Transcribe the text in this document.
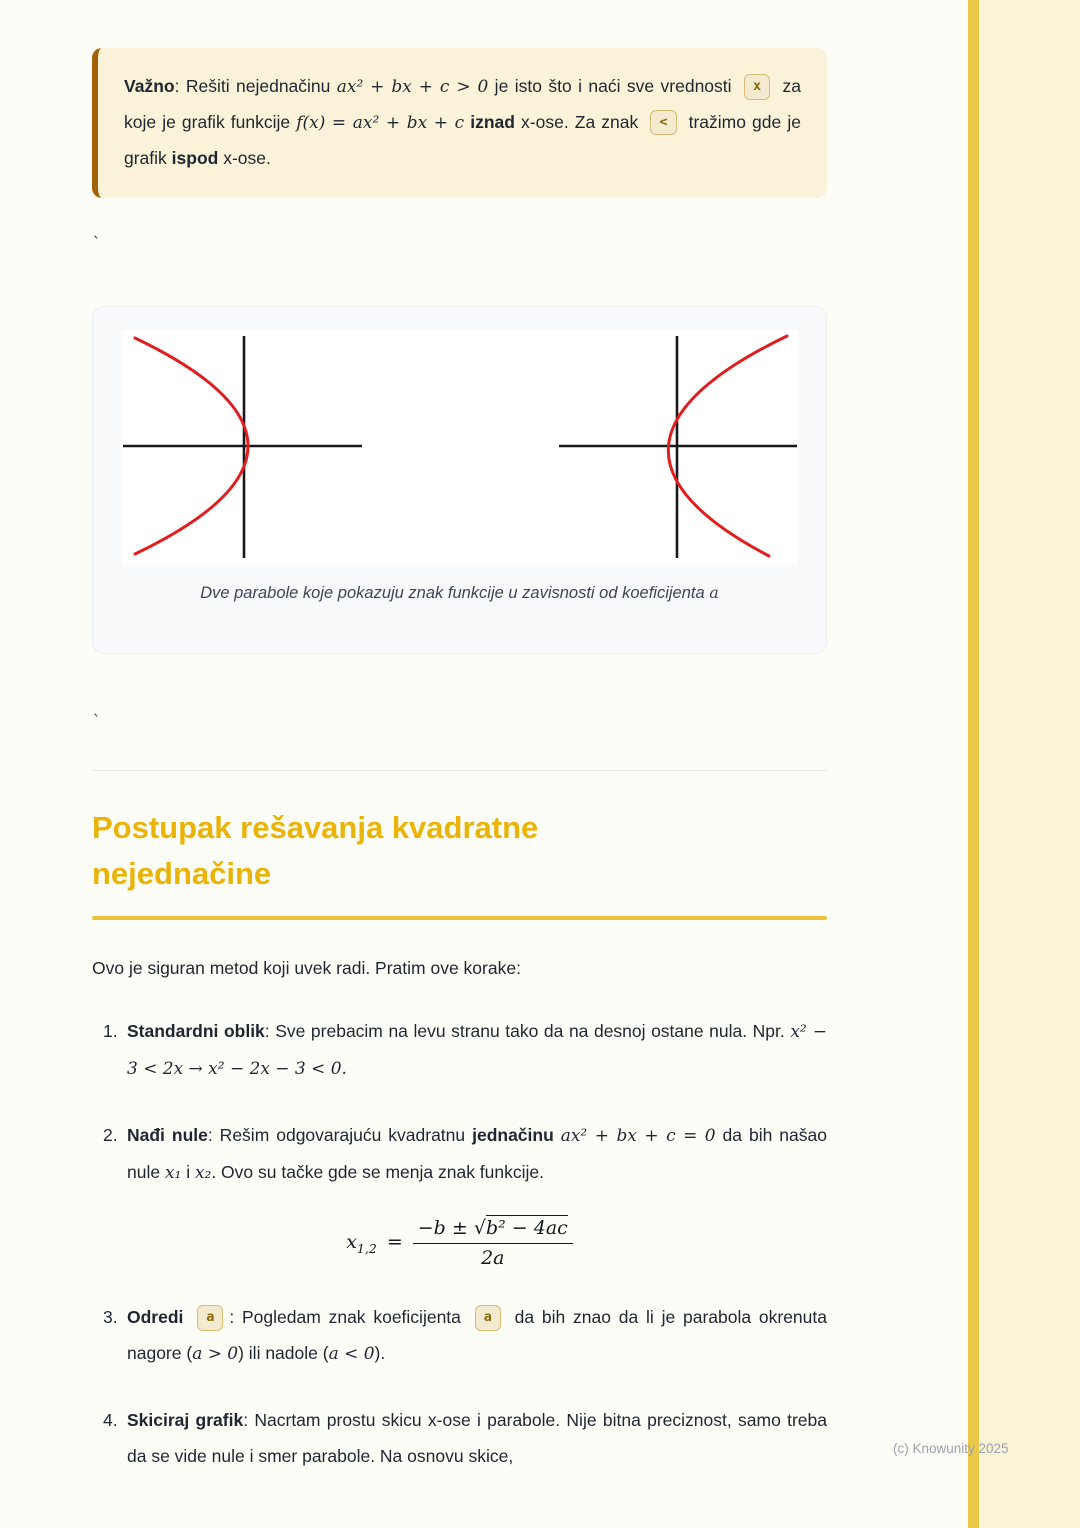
Važno: Rešiti nejednačinu ax² + bx + c > 0 je isto što i naći sve vrednosti x za koje je grafik funkcije f(x) = ax² + bx + c iznad x-ose. Za znak < tražimo gde je grafik ispod x-ose.

`
Dve parabole koje pokazuju znak funkcije u zavisnosti od koeficijenta a
`
Postupak rešavanja kvadratne nejednačine

Ovo je siguran metod koji uvek radi. Pratim ove korake:

1. Standardni oblik: Sve prebacim na levu stranu tako da na desnoj ostane nula. Npr. x² − 3 < 2x → x² − 2x − 3 < 0.

2. Nađi nule: Rešim odgovarajuću kvadratnu jednačinu ax² + bx + c = 0 da bih našao nule x₁ i x₂. Ovo su tačke gde se menja znak funkcije.

$x_{1,2} = \frac{\text{−b ± √b² − 4ac}}{2a}$
3. Odredi a : Pogledam znak koeficijenta a da bih znao da li je parabola okrenuta nagore (a > 0) ili nadole (a < 0).

4. Skiciraj grafik: Nacrtam prostu skicu x-ose i parabole. Nije bitna preciznost, samo treba da se vide nule i smer parabole. Na osnovu skice,	(c) Knowunity 2025
